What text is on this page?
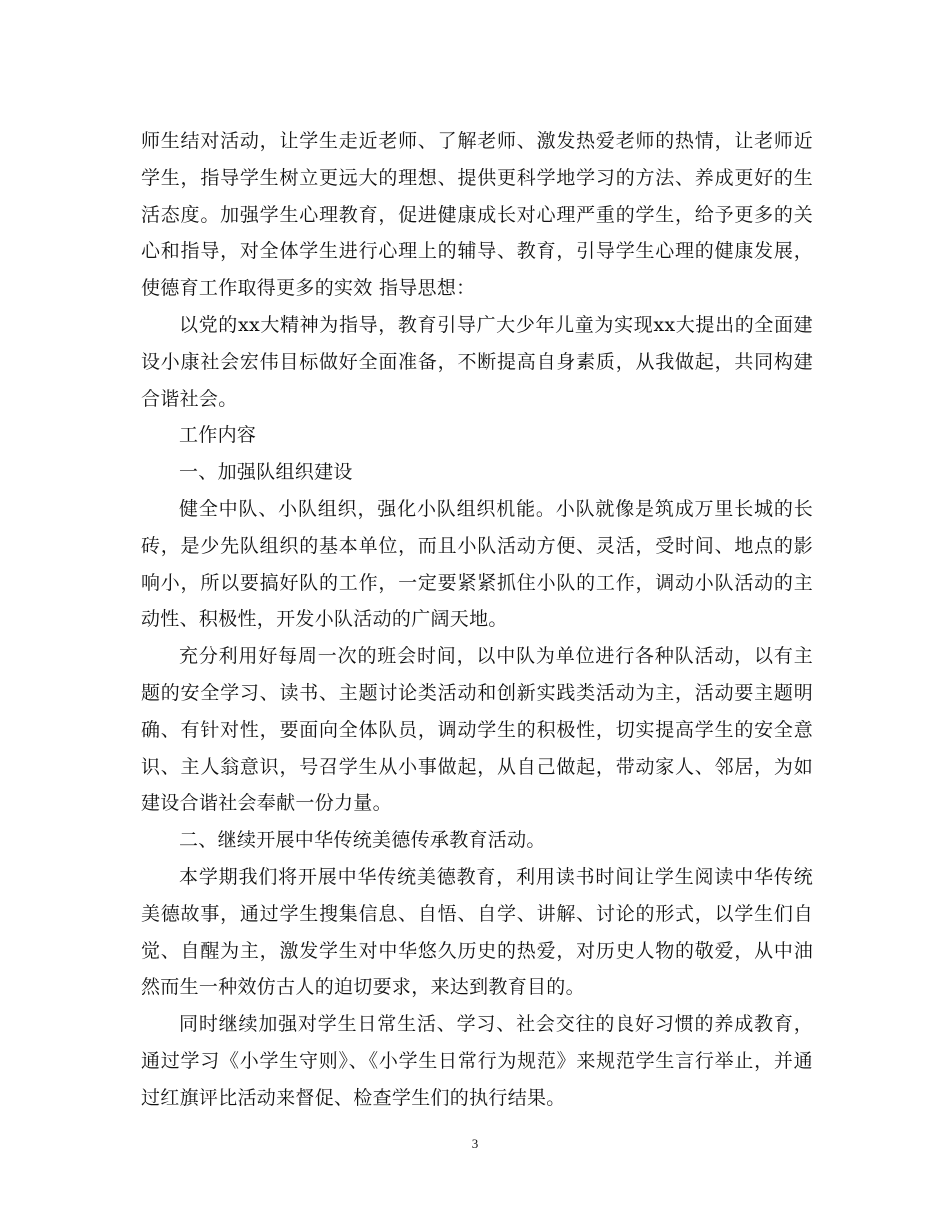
师生结对活动，让学生走近老师、了解老师、激发热爱老师的热情，让老师近学生，指导学生树立更远大的理想、提供更科学地学习的方法、养成更好的生活态度。加强学生心理教育，促进健康成长对心理严重的学生，给予更多的关心和指导，对全体学生进行心理上的辅导、教育，引导学生心理的健康发展，使德育工作取得更多的实效 指导思想：

以党的xx大精神为指导，教育引导广大少年儿童为实现xx大提出的全面建设小康社会宏伟目标做好全面准备，不断提高自身素质，从我做起，共同构建合谐社会。

工作内容

一、加强队组织建设

健全中队、小队组织，强化小队组织机能。小队就像是筑成万里长城的长砖，是少先队组织的基本单位，而且小队活动方便、灵活，受时间、地点的影响小，所以要搞好队的工作，一定要紧紧抓住小队的工作，调动小队活动的主动性、积极性，开发小队活动的广阔天地。

充分利用好每周一次的班会时间，以中队为单位进行各种队活动，以有主题的安全学习、读书、主题讨论类活动和创新实践类活动为主，活动要主题明确、有针对性，要面向全体队员，调动学生的积极性，切实提高学生的安全意识、主人翁意识，号召学生从小事做起，从自己做起，带动家人、邻居，为如建设合谐社会奉献一份力量。

二、继续开展中华传统美德传承教育活动。

本学期我们将开展中华传统美德教育，利用读书时间让学生阅读中华传统美德故事，通过学生搜集信息、自悟、自学、讲解、讨论的形式，以学生们自觉、自醒为主，激发学生对中华悠久历史的热爱，对历史人物的敬爱，从中油然而生一种效仿古人的迫切要求，来达到教育目的。

同时继续加强对学生日常生活、学习、社会交往的良好习惯的养成教育，通过学习《小学生守则》、《小学生日常行为规范》来规范学生言行举止，并通过红旗评比活动来督促、检查学生们的执行结果。

3
